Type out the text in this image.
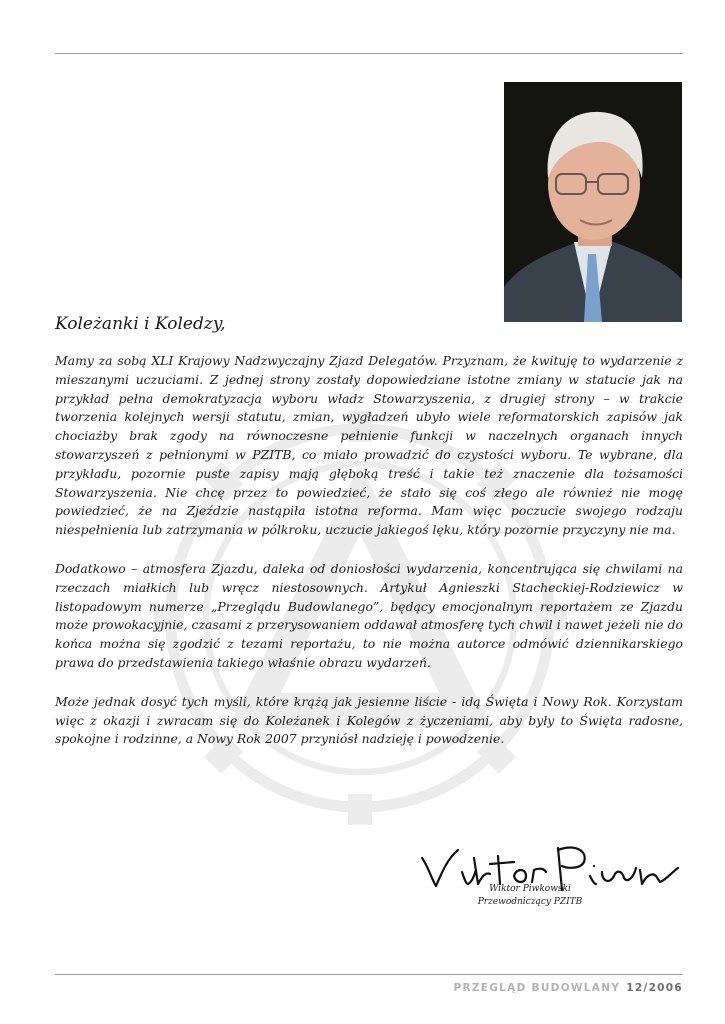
Koleżanki i Koledzy,

Mamy za sobą XLI Krajowy Nadzwyczajny Zjazd Delegatów. Przyznam, że kwituję to wydarzenie z mieszanymi uczuciami. Z jednej strony zostały dopowiedziane istotne zmiany w statucie jak na przykład pełna demokratyzacja wyboru władz Stowarzyszenia, z drugiej strony – w trakcie tworzenia kolejnych wersji statutu, zmian, wygładzeń ubyło wiele reformatorskich zapisów jak chociażby brak zgody na równoczesne pełnienie funkcji w naczelnych organach innych stowarzyszeń z pełnionymi w PZITB, co miało prowadzić do czystości wyboru. Te wybrane, dla przykładu, pozornie puste zapisy mają głęboką treść i takie też znaczenie dla tożsamości Stowarzyszenia. Nie chcę przez to powiedzieć, że stało się coś złego ale również nie mogę powiedzieć, że na Zjeździe nastąpiła istotna reforma. Mam więc poczucie swojego rodzaju niespełnienia lub zatrzymania w pólkroku, uczucie jakiegoś lęku, który pozornie przyczyny nie ma.

Dodatkowo – atmosfera Zjazdu, daleka od doniosłości wydarzenia, koncentrująca się chwilami na rzeczach miałkich lub wręcz niestosownych. Artykuł Agnieszki Stacheckiej-Rodziewicz w listopadowym numerze „Przeglądu Budowlanego”, będący emocjonalnym reportażem ze Zjazdu może prowokacyjnie, czasami z przerysowaniem oddawał atmosferę tych chwil i nawet jeżeli nie do końca można się zgodzić z tezami reportażu, to nie można autorce odmówić dziennikarskiego prawa do przedstawienia takiego właśnie obrazu wydarzeń.

Może jednak dosyć tych myśli, które krążą jak jesienne liście - idą Święta i Nowy Rok. Korzystam więc z okazji i zwracam się do Koleżanek i Kolegów z życzeniami, aby były to Święta radosne, spokojne i rodzinne, a Nowy Rok 2007 przyniósł nadzieję i powodzenie.

Wiktor Piwkowski
Przewodniczący PZITB
PRZEGLĄD BUDOWLANY 12/2006
